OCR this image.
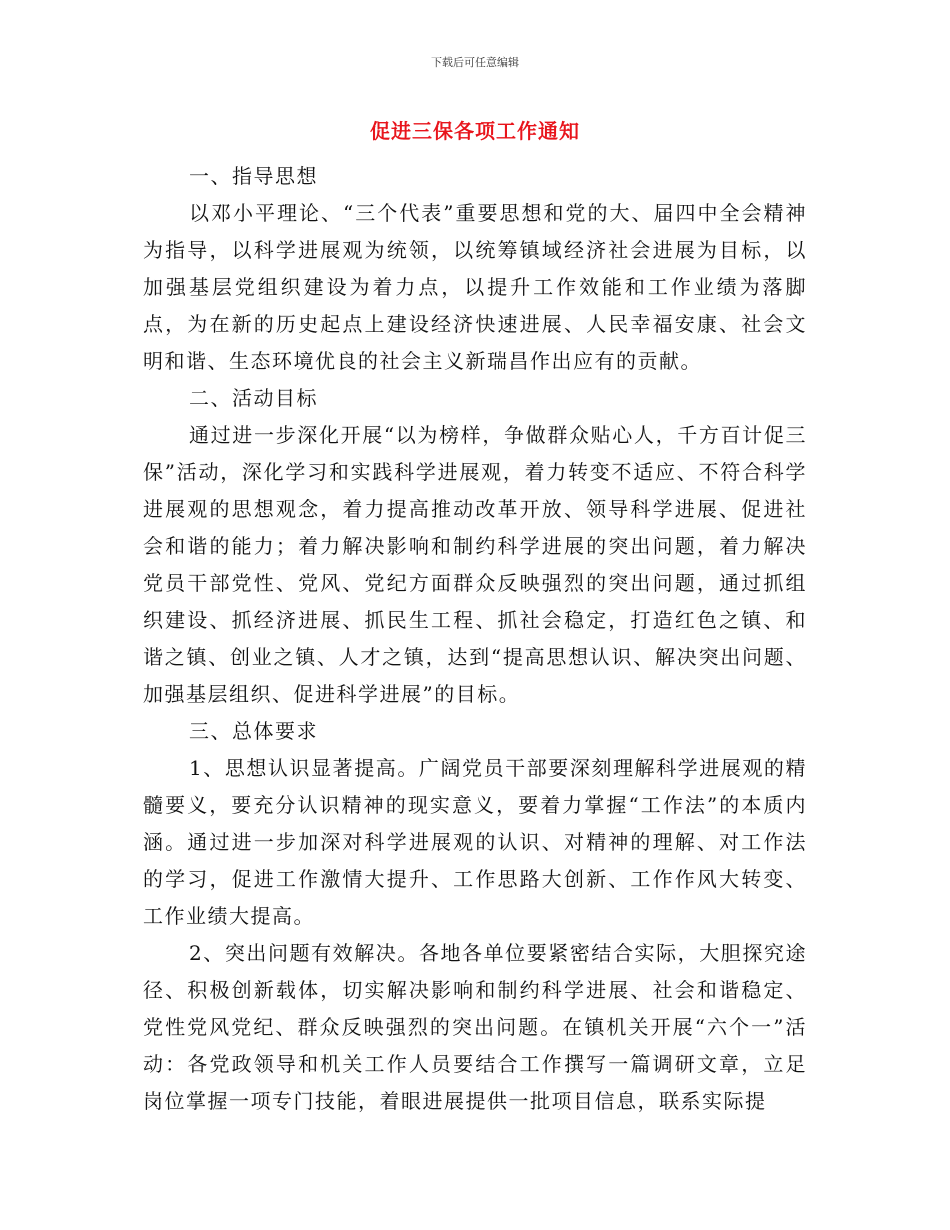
下载后可任意编辑
促进三保各项工作通知

一、指导思想

以邓小平理论、“三个代表”重要思想和党的大、届四中全会精神为指导，以科学进展观为统领，以统筹镇域经济社会进展为目标，以加强基层党组织建设为着力点，以提升工作效能和工作业绩为落脚点，为在新的历史起点上建设经济快速进展、人民幸福安康、社会文明和谐、生态环境优良的社会主义新瑞昌作出应有的贡献。

二、活动目标

通过进一步深化开展“以为榜样，争做群众贴心人，千方百计促三保”活动，深化学习和实践科学进展观，着力转变不适应、不符合科学进展观的思想观念，着力提高推动改革开放、领导科学进展、促进社会和谐的能力；着力解决影响和制约科学进展的突出问题，着力解决党员干部党性、党风、党纪方面群众反映强烈的突出问题，通过抓组织建设、抓经济进展、抓民生工程、抓社会稳定，打造红色之镇、和谐之镇、创业之镇、人才之镇，达到“提高思想认识、解决突出问题、加强基层组织、促进科学进展”的目标。

三、总体要求

1、思想认识显著提高。广阔党员干部要深刻理解科学进展观的精髓要义，要充分认识精神的现实意义，要着力掌握“工作法”的本质内涵。通过进一步加深对科学进展观的认识、对精神的理解、对工作法的学习，促进工作激情大提升、工作思路大创新、工作作风大转变、工作业绩大提高。

2、突出问题有效解决。各地各单位要紧密结合实际，大胆探究途径、积极创新载体，切实解决影响和制约科学进展、社会和谐稳定、党性党风党纪、群众反映强烈的突出问题。在镇机关开展“六个一”活动：各党政领导和机关工作人员要结合工作撰写一篇调研文章，立足岗位掌握一项专门技能，着眼进展提供一批项目信息，联系实际提
